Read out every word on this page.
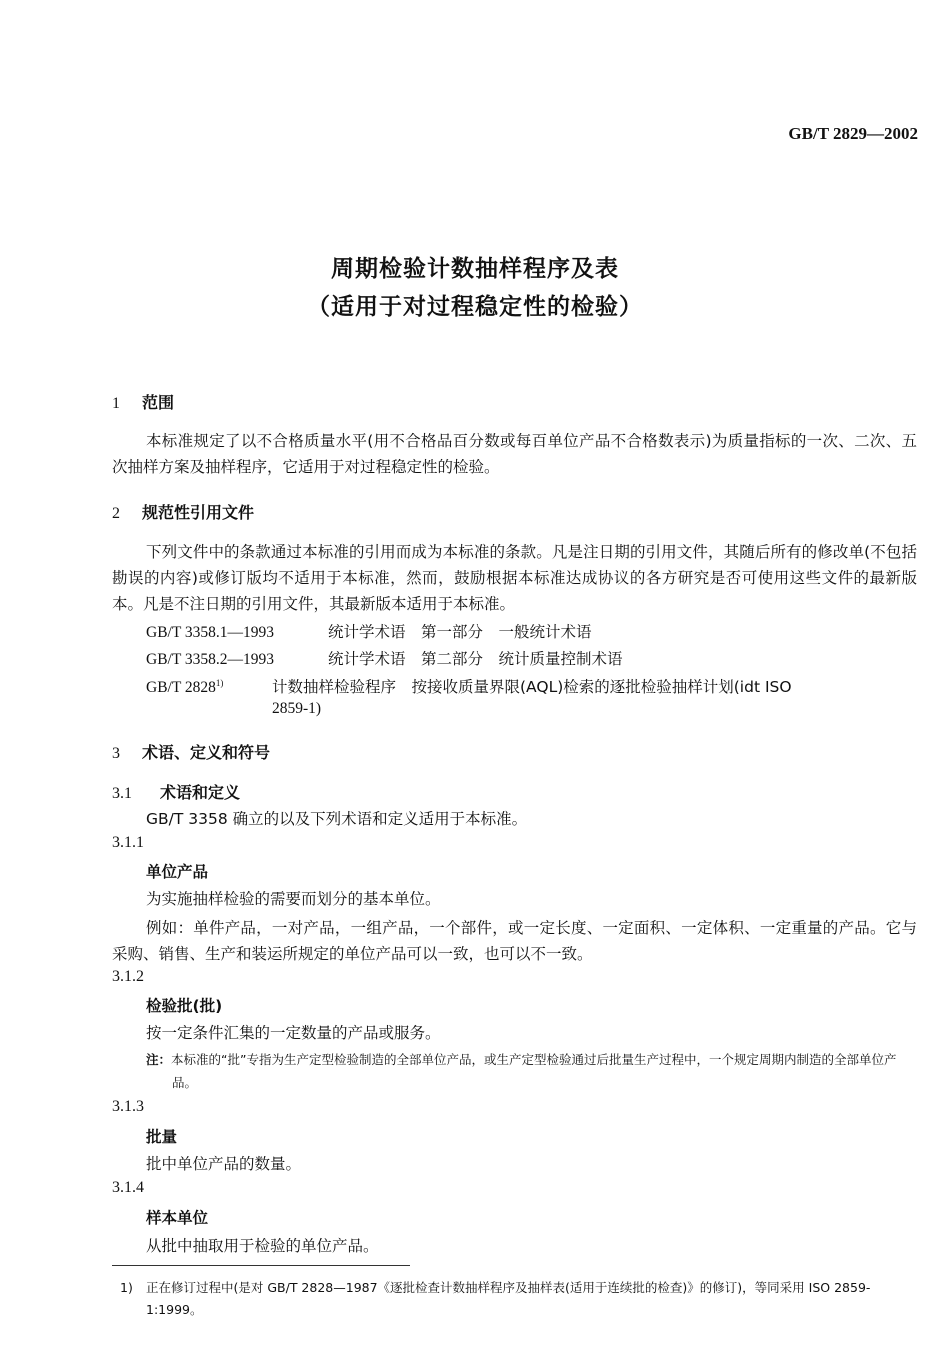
GB/T 2829—2002
周期检验计数抽样程序及表
（适用于对过程稳定性的检验）
1 范围

本标准规定了以不合格质量水平(用不合格品百分数或每百单位产品不合格数表示)为质量指标的一次、二次、五次抽样方案及抽样程序，它适用于对过程稳定性的检验。

2 规范性引用文件

下列文件中的条款通过本标准的引用而成为本标准的条款。凡是注日期的引用文件，其随后所有的修改单(不包括勘误的内容)或修订版均不适用于本标准，然而，鼓励根据本标准达成协议的各方研究是否可使用这些文件的最新版本。凡是不注日期的引用文件，其最新版本适用于本标准。

GB/T 3358.1—1993	统计学术语　第一部分　一般统计术语
GB/T 3358.2—1993	统计学术语　第二部分　统计质量控制术语
GB/T 2828$^{1)}$	计数抽样检验程序　按接收质量界限(AQL)检索的逐批检验抽样计划(idt ISO
2859-1)
3 术语、定义和符号
3.1 术语和定义
GB/T 3358 确立的以及下列术语和定义适用于本标准。
3.1.1
单位产品
为实施抽样检验的需要而划分的基本单位。

例如：单件产品，一对产品，一组产品，一个部件，或一定长度、一定面积、一定体积、一定重量的产品。它与采购、销售、生产和装运所规定的单位产品可以一致，也可以不一致。

3.1.2
检验批(批)
按一定条件汇集的一定数量的产品或服务。
注：本标准的“批”专指为生产定型检验制造的全部单位产品，或生产定型检验通过后批量生产过程中，一个规定周期内制造的全部单位产品。
3.1.3
批量
批中单位产品的数量。
3.1.4
样本单位
从批中抽取用于检验的单位产品。
1) 正在修订过程中(是对 GB/T 2828—1987《逐批检查计数抽样程序及抽样表(适用于连续批的检查)》的修订)，等同采用 ISO 2859-1:1999。
